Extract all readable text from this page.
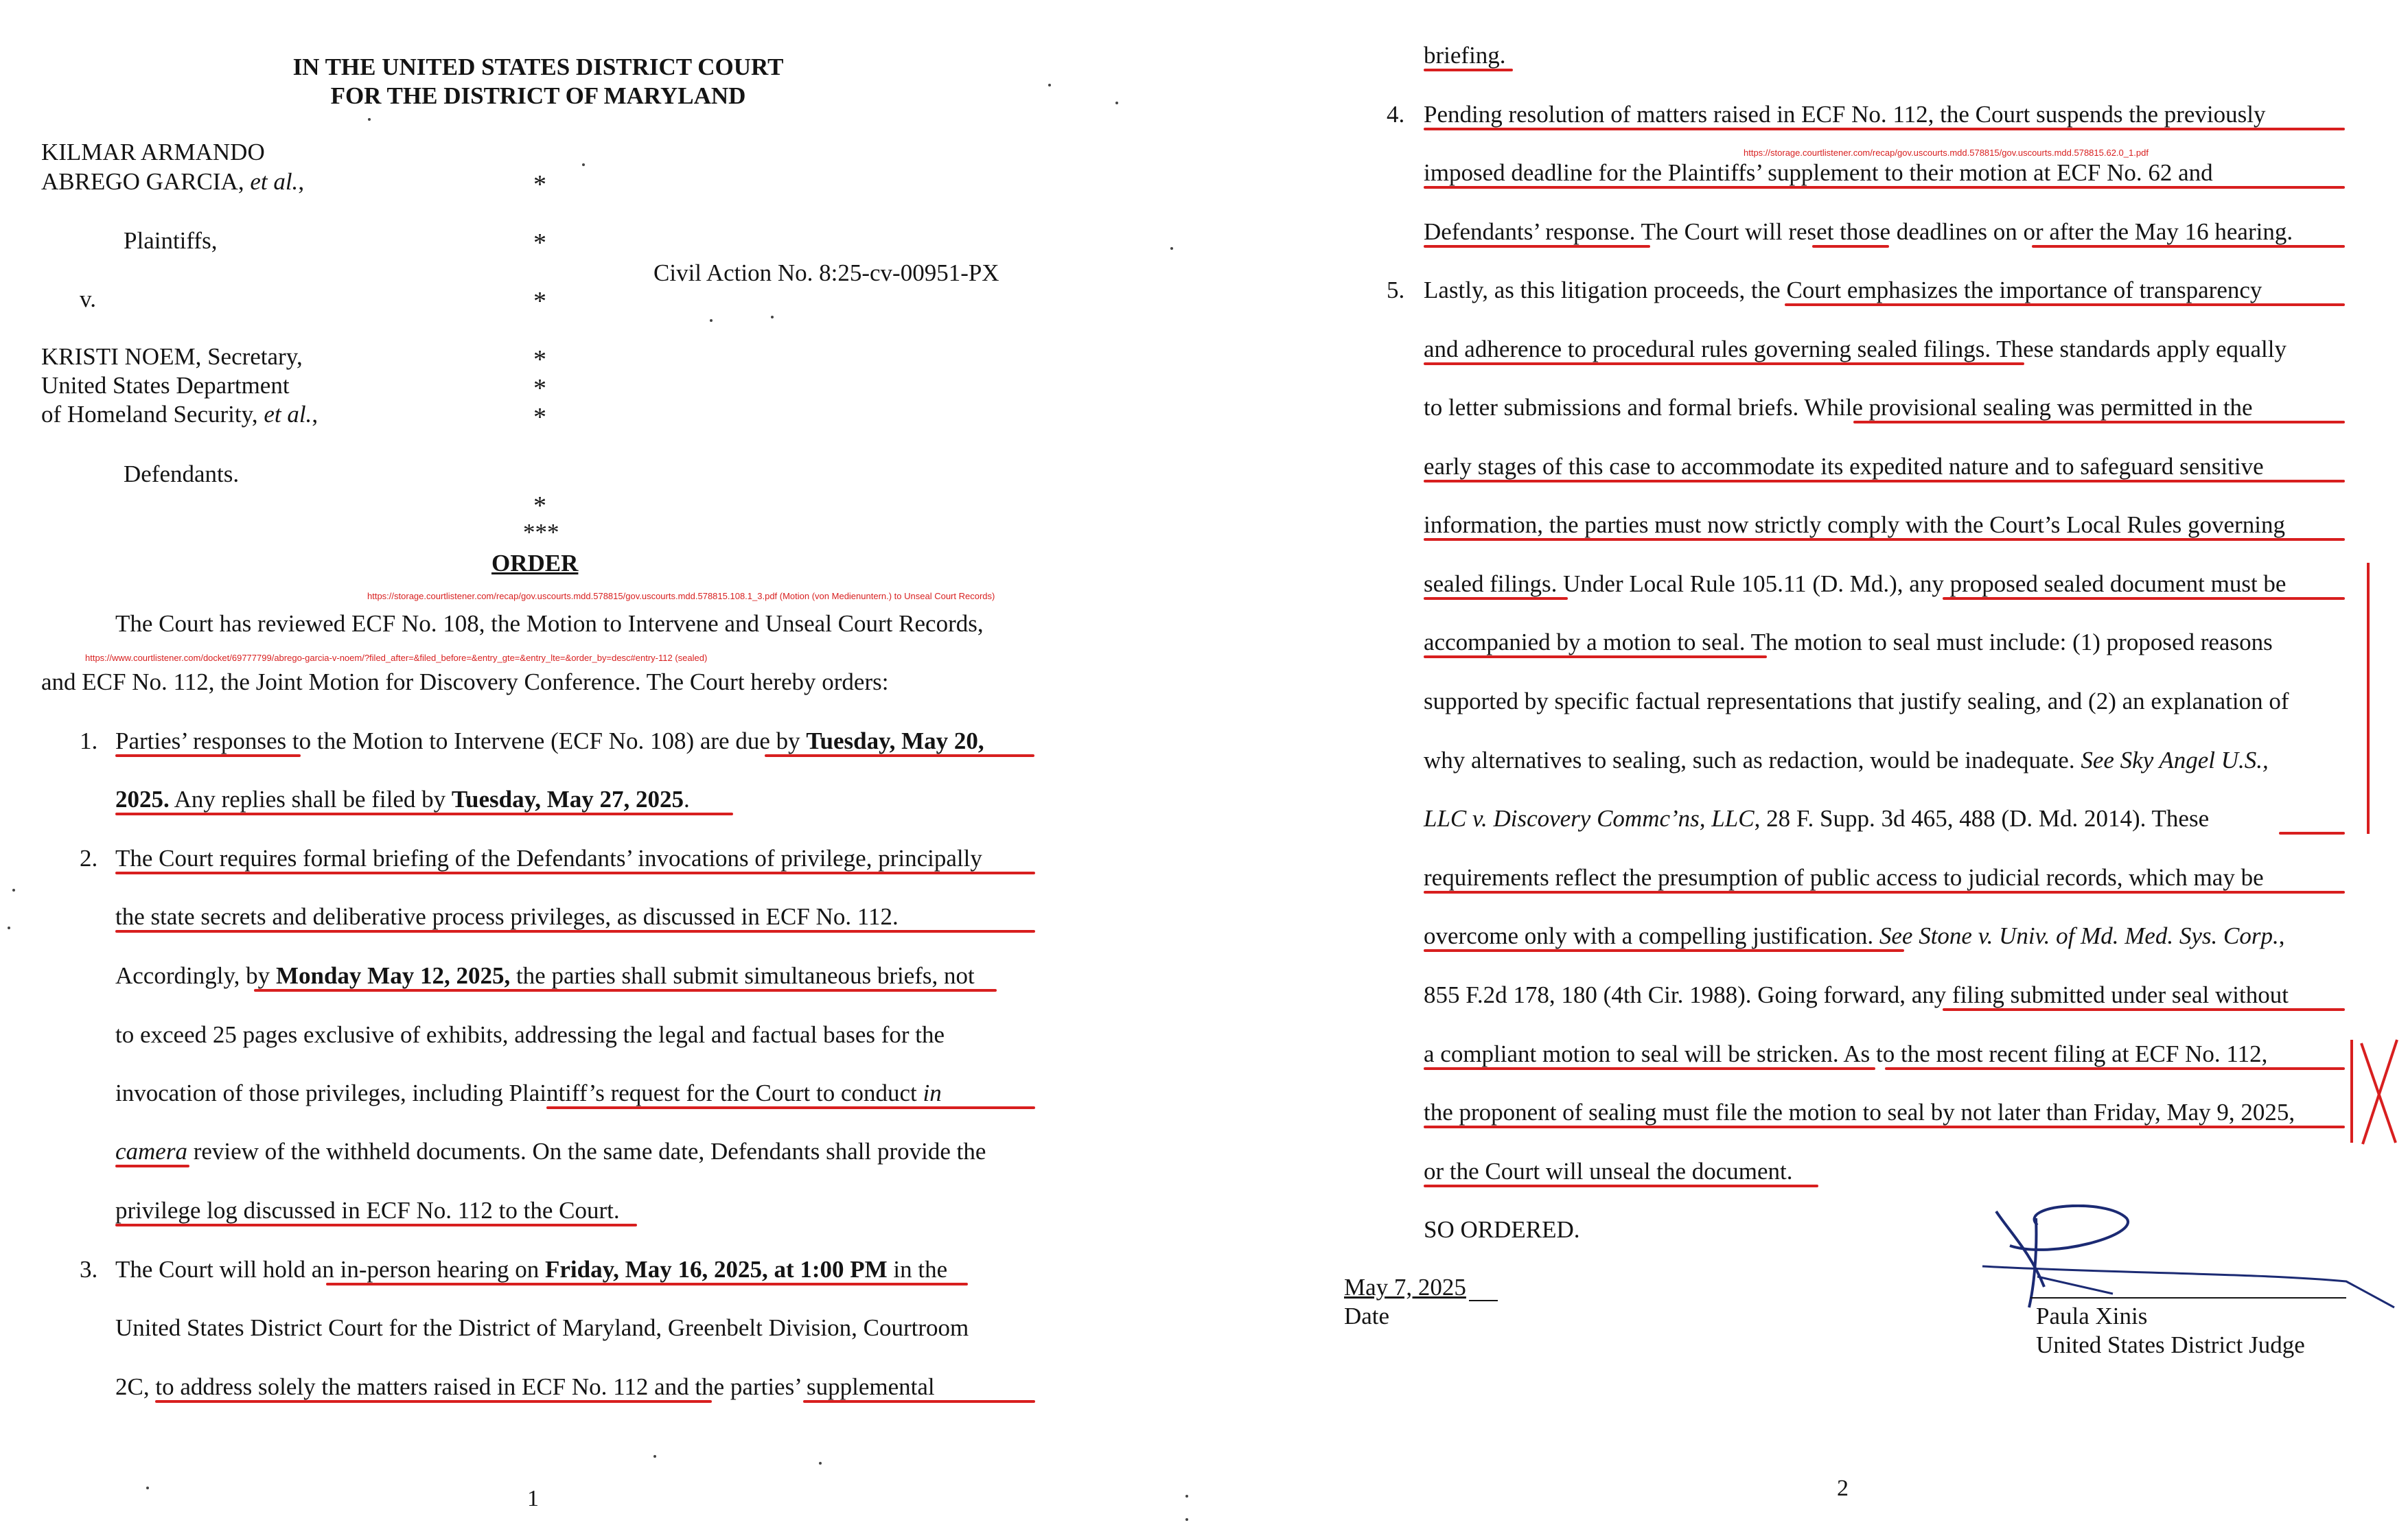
IN THE UNITED STATES DISTRICT COURT
FOR THE DISTRICT OF MARYLAND
KILMAR ARMANDO
ABREGO GARCIA, et al.,
Plaintiffs,
v.
KRISTI NOEM, Secretary,
United States Department
of Homeland Security, et al.,
Defendants.
*
*
*
*
*
*
*
***
Civil Action No. 8:25-cv-00951-PX
ORDER
https://storage.courtlistener.com/recap/gov.uscourts.mdd.578815/gov.uscourts.mdd.578815.108.1_3.pdf (Motion (von Medienuntern.) to Unseal Court Records)
The Court has reviewed ECF No. 108, the Motion to Intervene and Unseal Court Records,
https://www.courtlistener.com/docket/69777799/abrego-garcia-v-noem/?filed_after=&filed_before=&entry_gte=&entry_lte=&order_by=desc#entry-112 (sealed)
and ECF No. 112, the Joint Motion for Discovery Conference. The Court hereby orders:
1. Parties’ responses to the Motion to Intervene (ECF No. 108) are due by Tuesday, May 20,
2025. Any replies shall be filed by Tuesday, May 27, 2025.
2. The Court requires formal briefing of the Defendants’ invocations of privilege, principally
the state secrets and deliberative process privileges, as discussed in ECF No. 112.
Accordingly, by Monday May 12, 2025, the parties shall submit simultaneous briefs, not
to exceed 25 pages exclusive of exhibits, addressing the legal and factual bases for the
invocation of those privileges, including Plaintiff’s request for the Court to conduct in
camera review of the withheld documents. On the same date, Defendants shall provide the
privilege log discussed in ECF No. 112 to the Court.
3. The Court will hold an in-person hearing on Friday, May 16, 2025, at 1:00 PM in the
United States District Court for the District of Maryland, Greenbelt Division, Courtroom
2C, to address solely the matters raised in ECF No. 112 and the parties’ supplemental
1
briefing.
4. Pending resolution of matters raised in ECF No. 112, the Court suspends the previously
https://storage.courtlistener.com/recap/gov.uscourts.mdd.578815/gov.uscourts.mdd.578815.62.0_1.pdf
imposed deadline for the Plaintiffs’ supplement to their motion at ECF No. 62 and
Defendants’ response. The Court will reset those deadlines on or after the May 16 hearing.
5. Lastly, as this litigation proceeds, the Court emphasizes the importance of transparency
and adherence to procedural rules governing sealed filings. These standards apply equally
to letter submissions and formal briefs. While provisional sealing was permitted in the
early stages of this case to accommodate its expedited nature and to safeguard sensitive
information, the parties must now strictly comply with the Court’s Local Rules governing
sealed filings. Under Local Rule 105.11 (D. Md.), any proposed sealed document must be
accompanied by a motion to seal. The motion to seal must include: (1) proposed reasons
supported by specific factual representations that justify sealing, and (2) an explanation of
why alternatives to sealing, such as redaction, would be inadequate. See Sky Angel U.S.,
LLC v. Discovery Commc’ns, LLC, 28 F. Supp. 3d 465, 488 (D. Md. 2014). These
requirements reflect the presumption of public access to judicial records, which may be
overcome only with a compelling justification. See Stone v. Univ. of Md. Med. Sys. Corp.,
855 F.2d 178, 180 (4th Cir. 1988). Going forward, any filing submitted under seal without
a compliant motion to seal will be stricken. As to the most recent filing at ECF No. 112,
the proponent of sealing must file the motion to seal by not later than Friday, May 9, 2025,
or the Court will unseal the document.
SO ORDERED.
May 7, 2025
Date	Paula Xinis
United States District Judge
2
